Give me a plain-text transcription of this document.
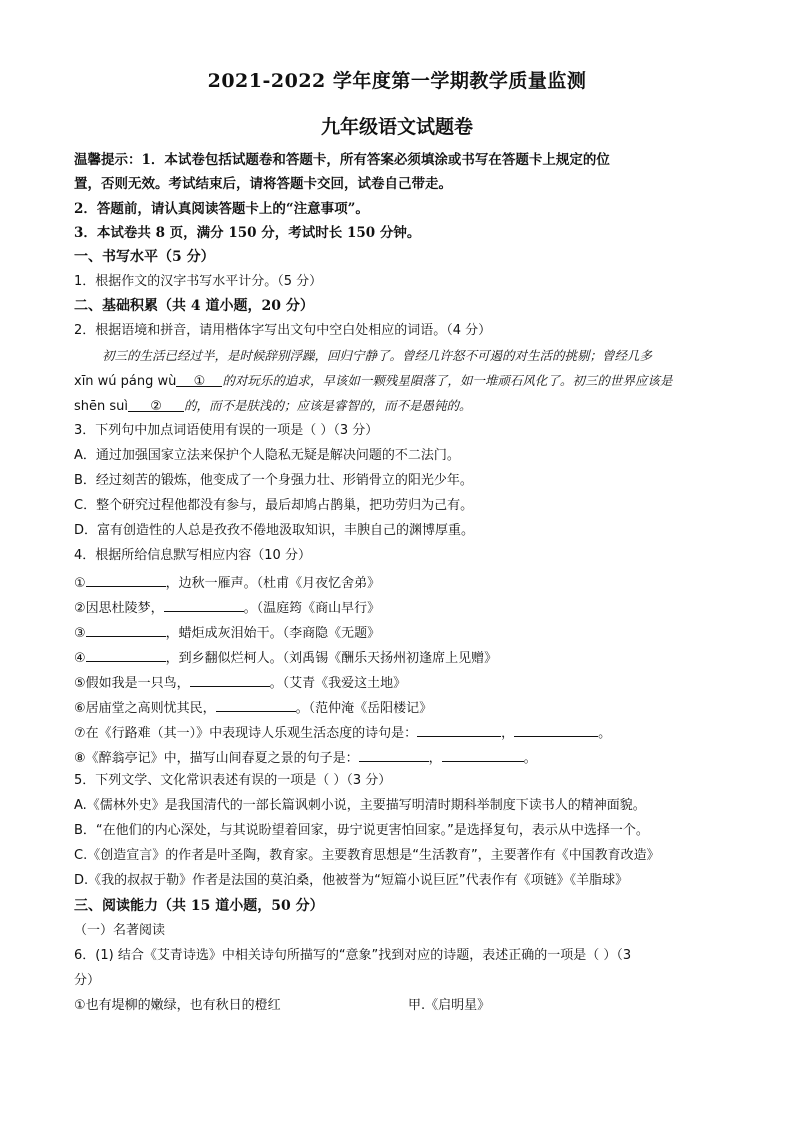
2021-2022 学年度第一学期教学质量监测
九年级语文试题卷
温馨提示：1．本试卷包括试题卷和答题卡，所有答案必须填涂或书写在答题卡上规定的位
置，否则无效。考试结束后，请将答题卡交回，试卷自己带走。
2．答题前，请认真阅读答题卡上的“注意事项”。
3．本试卷共 8 页，满分 150 分，考试时长 150 分钟。
一、书写水平（5 分）
1．根据作文的汉字书写水平计分。（5 分）
二、基础积累（共 4 道小题，20 分）
2．根据语境和拼音，请用楷体字写出文句中空白处相应的词语。（4 分）
初三的生活已经过半，是时候辞别浮躁，回归宁静了。曾经几许怒不可遏的对生活的挑剔；曾经几多
xīn wú páng wù ① 的对玩乐的追求，早该如一颗残星隕落了，如一堆顽石风化了。初三的世界应该是
shēn suì ② 的，而不是肤浅的；应该是睿智的，而不是愚钝的。
3．下列句中加点词语使用有误的一项是（ ）（3 分）
A．通过加强国家立法来保护个人隐私无疑是解决问题的不二法门。
B．经过刻苦的锻炼，他变成了一个身强力壮、形销骨立的阳光少年。
C．整个研究过程他都没有参与，最后却鸠占鹊巢，把功劳归为己有。
D．富有创造性的人总是孜孜不倦地汲取知识，丰腴自己的渊博厚重。
4．根据所给信息默写相应内容（10 分）
①	，边秋一雁声。（杜甫《月夜忆舍弟》
②因思杜陵梦，	。（温庭筠《商山早行》
③	，蜡炬成灰泪始干。（李商隐《无题》
④	，到乡翻似烂柯人。（刘禹锡《酬乐天扬州初逢席上见赠》
⑤假如我是一只鸟，	。（艾青《我爱这土地》
⑥居庙堂之高则忧其民，	。（范仲淹《岳阳楼记》
⑦在《行路难（其一）》中表现诗人乐观生活态度的诗句是：	，	。
⑧《醉翁亭记》中，描写山间春夏之景的句子是：	，	。
5．下列文学、文化常识表述有误的一项是（ ）（3 分）
A.《儒林外史》是我国清代的一部长篇讽刺小说，主要描写明清时期科举制度下读书人的精神面貌。
B．“在他们的内心深处，与其说盼望着回家，毋宁说更害怕回家。”是选择复句，表示从中选择一个。
C.《创造宣言》的作者是叶圣陶，教育家。主要教育思想是“生活教育”，主要著作有《中国教育改造》
D.《我的叔叔于勒》作者是法国的莫泊桑，他被誉为“短篇小说巨匠”代表作有《项链》《羊脂球》
三、阅读能力（共 15 道小题，50 分）
（一）名著阅读
6．(1) 结合《艾青诗选》中相关诗句所描写的“意象”找到对应的诗题，表述正确的一项是（ ）（3
分）
①也有堤柳的嫩绿，也有秋日的橙红	甲.《启明星》
